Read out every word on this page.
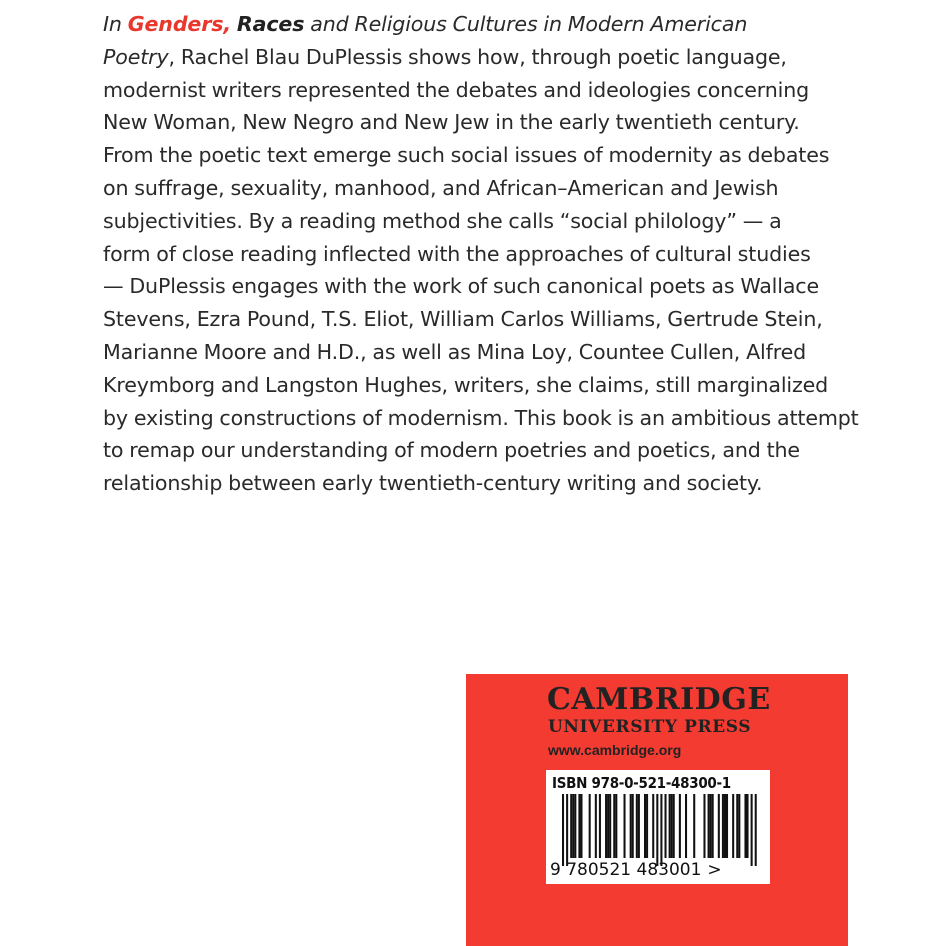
In Genders, Races and Religious Cultures in Modern American
Poetry, Rachel Blau DuPlessis shows how, through poetic language,
modernist writers represented the debates and ideologies concerning
New Woman, New Negro and New Jew in the early twentieth century.
From the poetic text emerge such social issues of modernity as debates
on suffrage, sexuality, manhood, and African–American and Jewish
subjectivities. By a reading method she calls “social philology” — a
form of close reading inflected with the approaches of cultural studies
— DuPlessis engages with the work of such canonical poets as Wallace
Stevens, Ezra Pound, T.S. Eliot, William Carlos Williams, Gertrude Stein,
Marianne Moore and H.D., as well as Mina Loy, Countee Cullen, Alfred
Kreymborg and Langston Hughes, writers, she claims, still marginalized
by existing constructions of modernism. This book is an ambitious attempt
to remap our understanding of modern poetries and poetics, and the
relationship between early twentieth-century writing and society.
CAMBRIDGE
UNIVERSITY PRESS
www.cambridge.org
ISBN 978-0-521-48300-1
9 780521 483001 >
